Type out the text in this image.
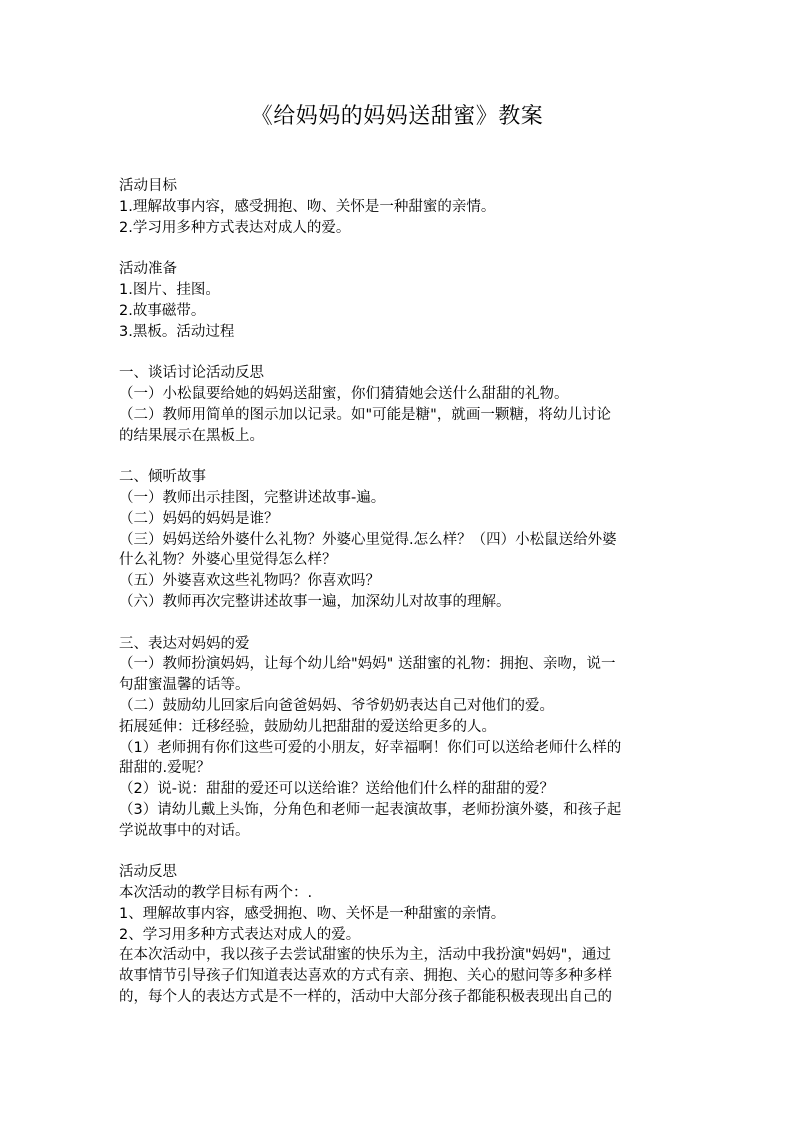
《给妈妈的妈妈送甜蜜》教案
活动目标
1.理解故事内容，感受拥抱、吻、关怀是一种甜蜜的亲情。
2.学习用多种方式表达对成人的爱。
活动准备
1.图片、挂图。
2.故事磁带。
3.黑板。活动过程
一、谈话讨论活动反思
（一）小松鼠要给她的妈妈送甜蜜，你们猜猜她会送什么甜甜的礼物。
（二）教师用简单的图示加以记录。如"可能是糖"，就画一颗糖，将幼儿讨论
的结果展示在黑板上。
二、倾听故事
（一）教师出示挂图，完整讲述故事-遍。
（二）妈妈的妈妈是谁？
（三）妈妈送给外婆什么礼物？外婆心里觉得.怎么样？（四）小松鼠送给外婆
什么礼物？外婆心里觉得怎么样？
（五）外婆喜欢这些礼物吗？你喜欢吗？
（六）教师再次完整讲述故事一遍，加深幼儿对故事的理解。
三、表达对妈妈的爱
（一）教师扮演妈妈，让每个幼儿给"妈妈" 送甜蜜的礼物：拥抱、亲吻，说一
句甜蜜温馨的话等。
（二）鼓励幼儿回家后向爸爸妈妈、爷爷奶奶表达自己对他们的爱。
拓展延伸：迁移经验，鼓励幼儿把甜甜的爱送给更多的人。
（1）老师拥有你们这些可爱的小朋友，好幸福啊！你们可以送给老师什么样的
甜甜的.爱呢？
（2）说-说：甜甜的爱还可以送给谁？送给他们什么样的甜甜的爱？
（3）请幼儿戴上头饰，分角色和老师一起表演故事，老师扮演外婆，和孩子起
学说故事中的对话。
活动反思
本次活动的教学目标有两个：.
1、理解故事内容，感受拥抱、吻、关怀是一种甜蜜的亲情。
2、学习用多种方式表达对成人的爱。
在本次活动中，我以孩子去尝试甜蜜的快乐为主，活动中我扮演"妈妈"，通过
故事情节引导孩子们知道表达喜欢的方式有亲、拥抱、关心的慰问等多种多样
的，每个人的表达方式是不一样的，活动中大部分孩子都能积极表现出自己的
